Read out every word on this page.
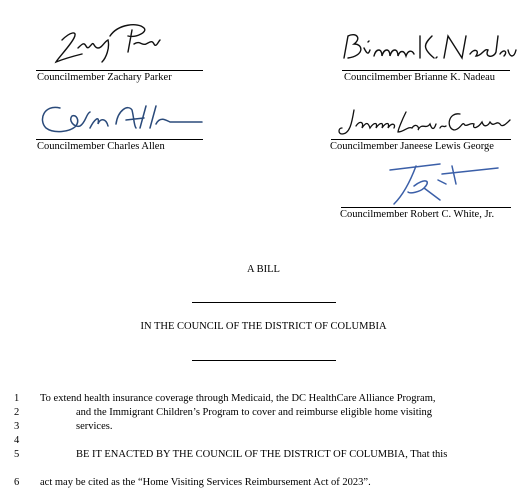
Councilmember Zachary Parker	Councilmember Brianne K. Nadeau
Councilmember Charles Allen	Councilmember Janeese Lewis George
Councilmember Robert C. White, Jr.
A BILL
IN THE COUNCIL OF THE DISTRICT OF COLUMBIA
1	To extend health insurance coverage through Medicaid, the DC HealthCare Alliance Program,
2	and the Immigrant Children’s Program to cover and reimburse eligible home visiting
3	services.
4
5	BE IT ENACTED BY THE COUNCIL OF THE DISTRICT OF COLUMBIA, That this
6	act may be cited as the “Home Visiting Services Reimbursement Act of 2023”.
